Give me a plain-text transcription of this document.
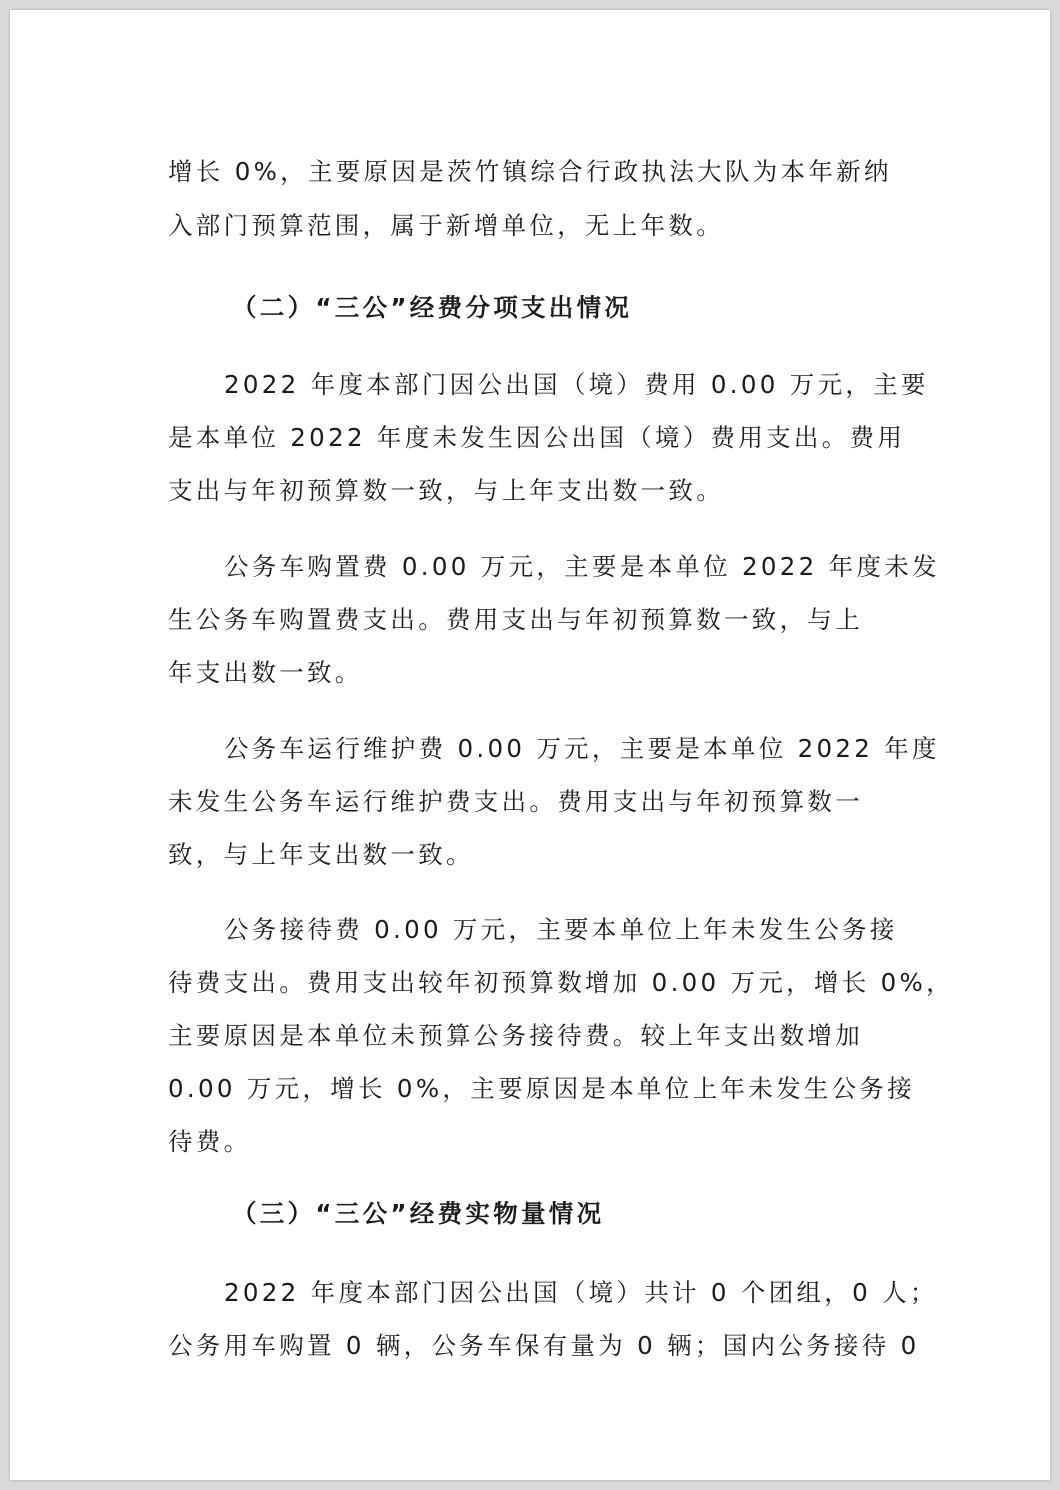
增长 0%，主要原因是茨竹镇综合行政执法大队为本年新纳
入部门预算范围，属于新增单位，无上年数。
（二）“三公”经费分项支出情况
2022 年度本部门因公出国（境）费用 0.00 万元，主要
是本单位 2022 年度未发生因公出国（境）费用支出。费用
支出与年初预算数一致，与上年支出数一致。
公务车购置费 0.00 万元，主要是本单位 2022 年度未发
生公务车购置费支出。费用支出与年初预算数一致，与上
年支出数一致。
公务车运行维护费 0.00 万元，主要是本单位 2022 年度
未发生公务车运行维护费支出。费用支出与年初预算数一
致，与上年支出数一致。
公务接待费 0.00 万元，主要本单位上年未发生公务接
待费支出。费用支出较年初预算数增加 0.00 万元，增长 0%，
主要原因是本单位未预算公务接待费。较上年支出数增加
0.00 万元，增长 0%，主要原因是本单位上年未发生公务接
待费。
（三）“三公”经费实物量情况
2022 年度本部门因公出国（境）共计 0 个团组，0 人；
公务用车购置 0 辆，公务车保有量为 0 辆；国内公务接待 0
